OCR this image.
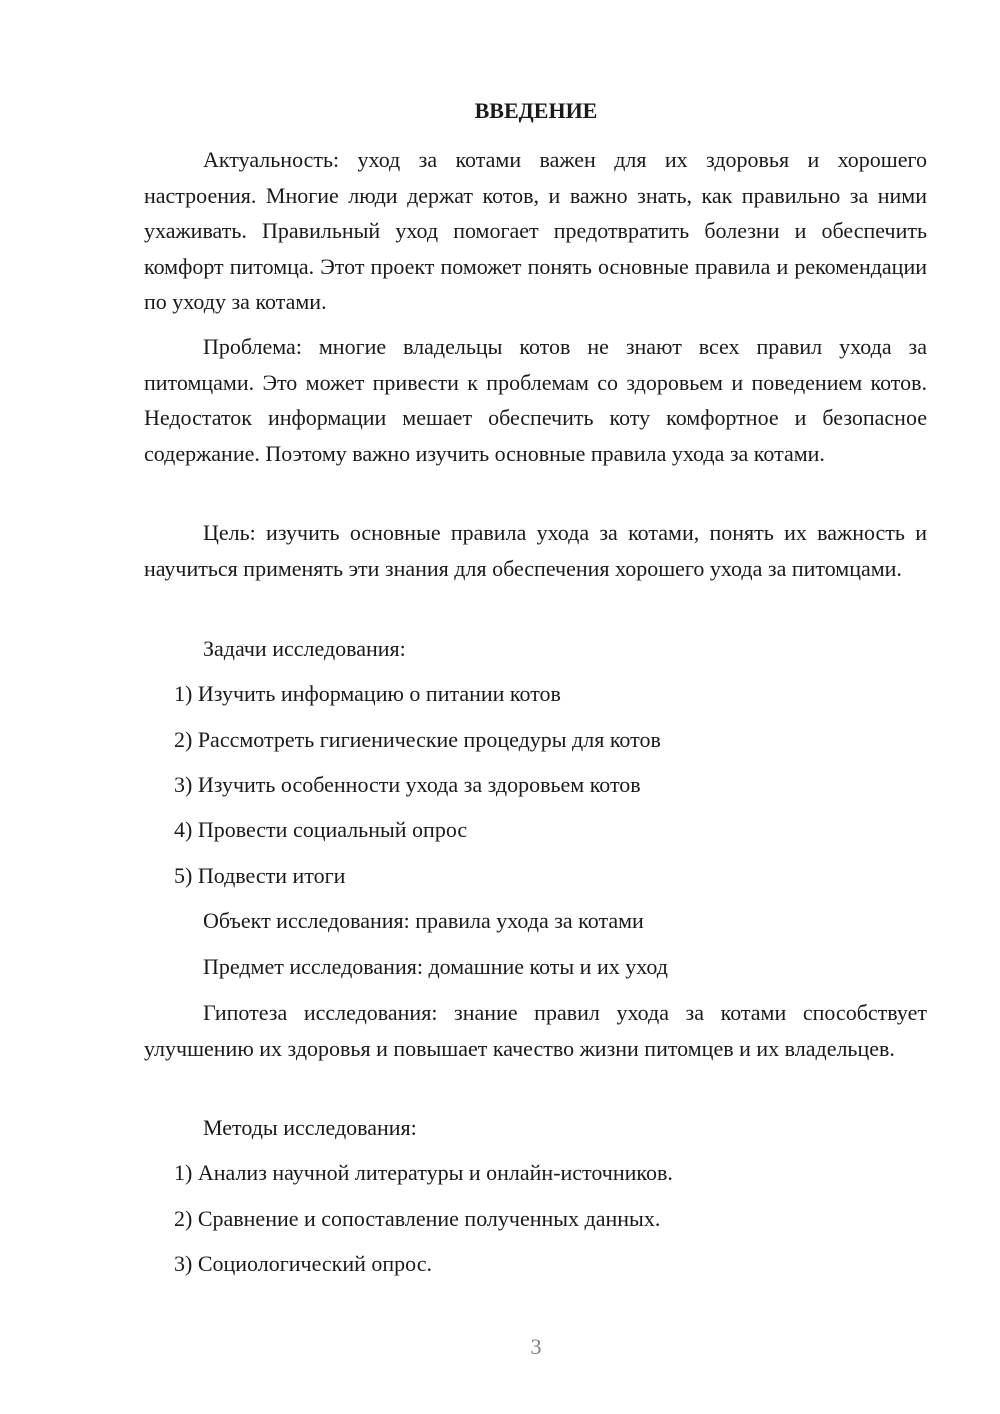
ВВЕДЕНИЕ

Актуальность: уход за котами важен для их здоровья и хорошего настроения. Многие люди держат котов, и важно знать, как правильно за ними ухаживать. Правильный уход помогает предотвратить болезни и обеспечить комфорт питомца. Этот проект поможет понять основные правила и рекомендации по уходу за котами.

Проблема: многие владельцы котов не знают всех правил ухода за питомцами. Это может привести к проблемам со здоровьем и поведением котов. Недостаток информации мешает обеспечить коту комфортное и безопасное содержание. Поэтому важно изучить основные правила ухода за котами.

Цель: изучить основные правила ухода за котами, понять их важность и научиться применять эти знания для обеспечения хорошего ухода за питомцами.

Задачи исследования:

1) Изучить информацию о питании котов

2) Рассмотреть гигиенические процедуры для котов

3) Изучить особенности ухода за здоровьем котов

4) Провести социальный опрос

5) Подвести итоги

Объект исследования: правила ухода за котами

Предмет исследования: домашние коты и их уход

Гипотеза исследования: знание правил ухода за котами способствует улучшению их здоровья и повышает качество жизни питомцев и их владельцев.

Методы исследования:

1) Анализ научной литературы и онлайн-источников.

2) Сравнение и сопоставление полученных данных.

3) Социологический опрос.

3
